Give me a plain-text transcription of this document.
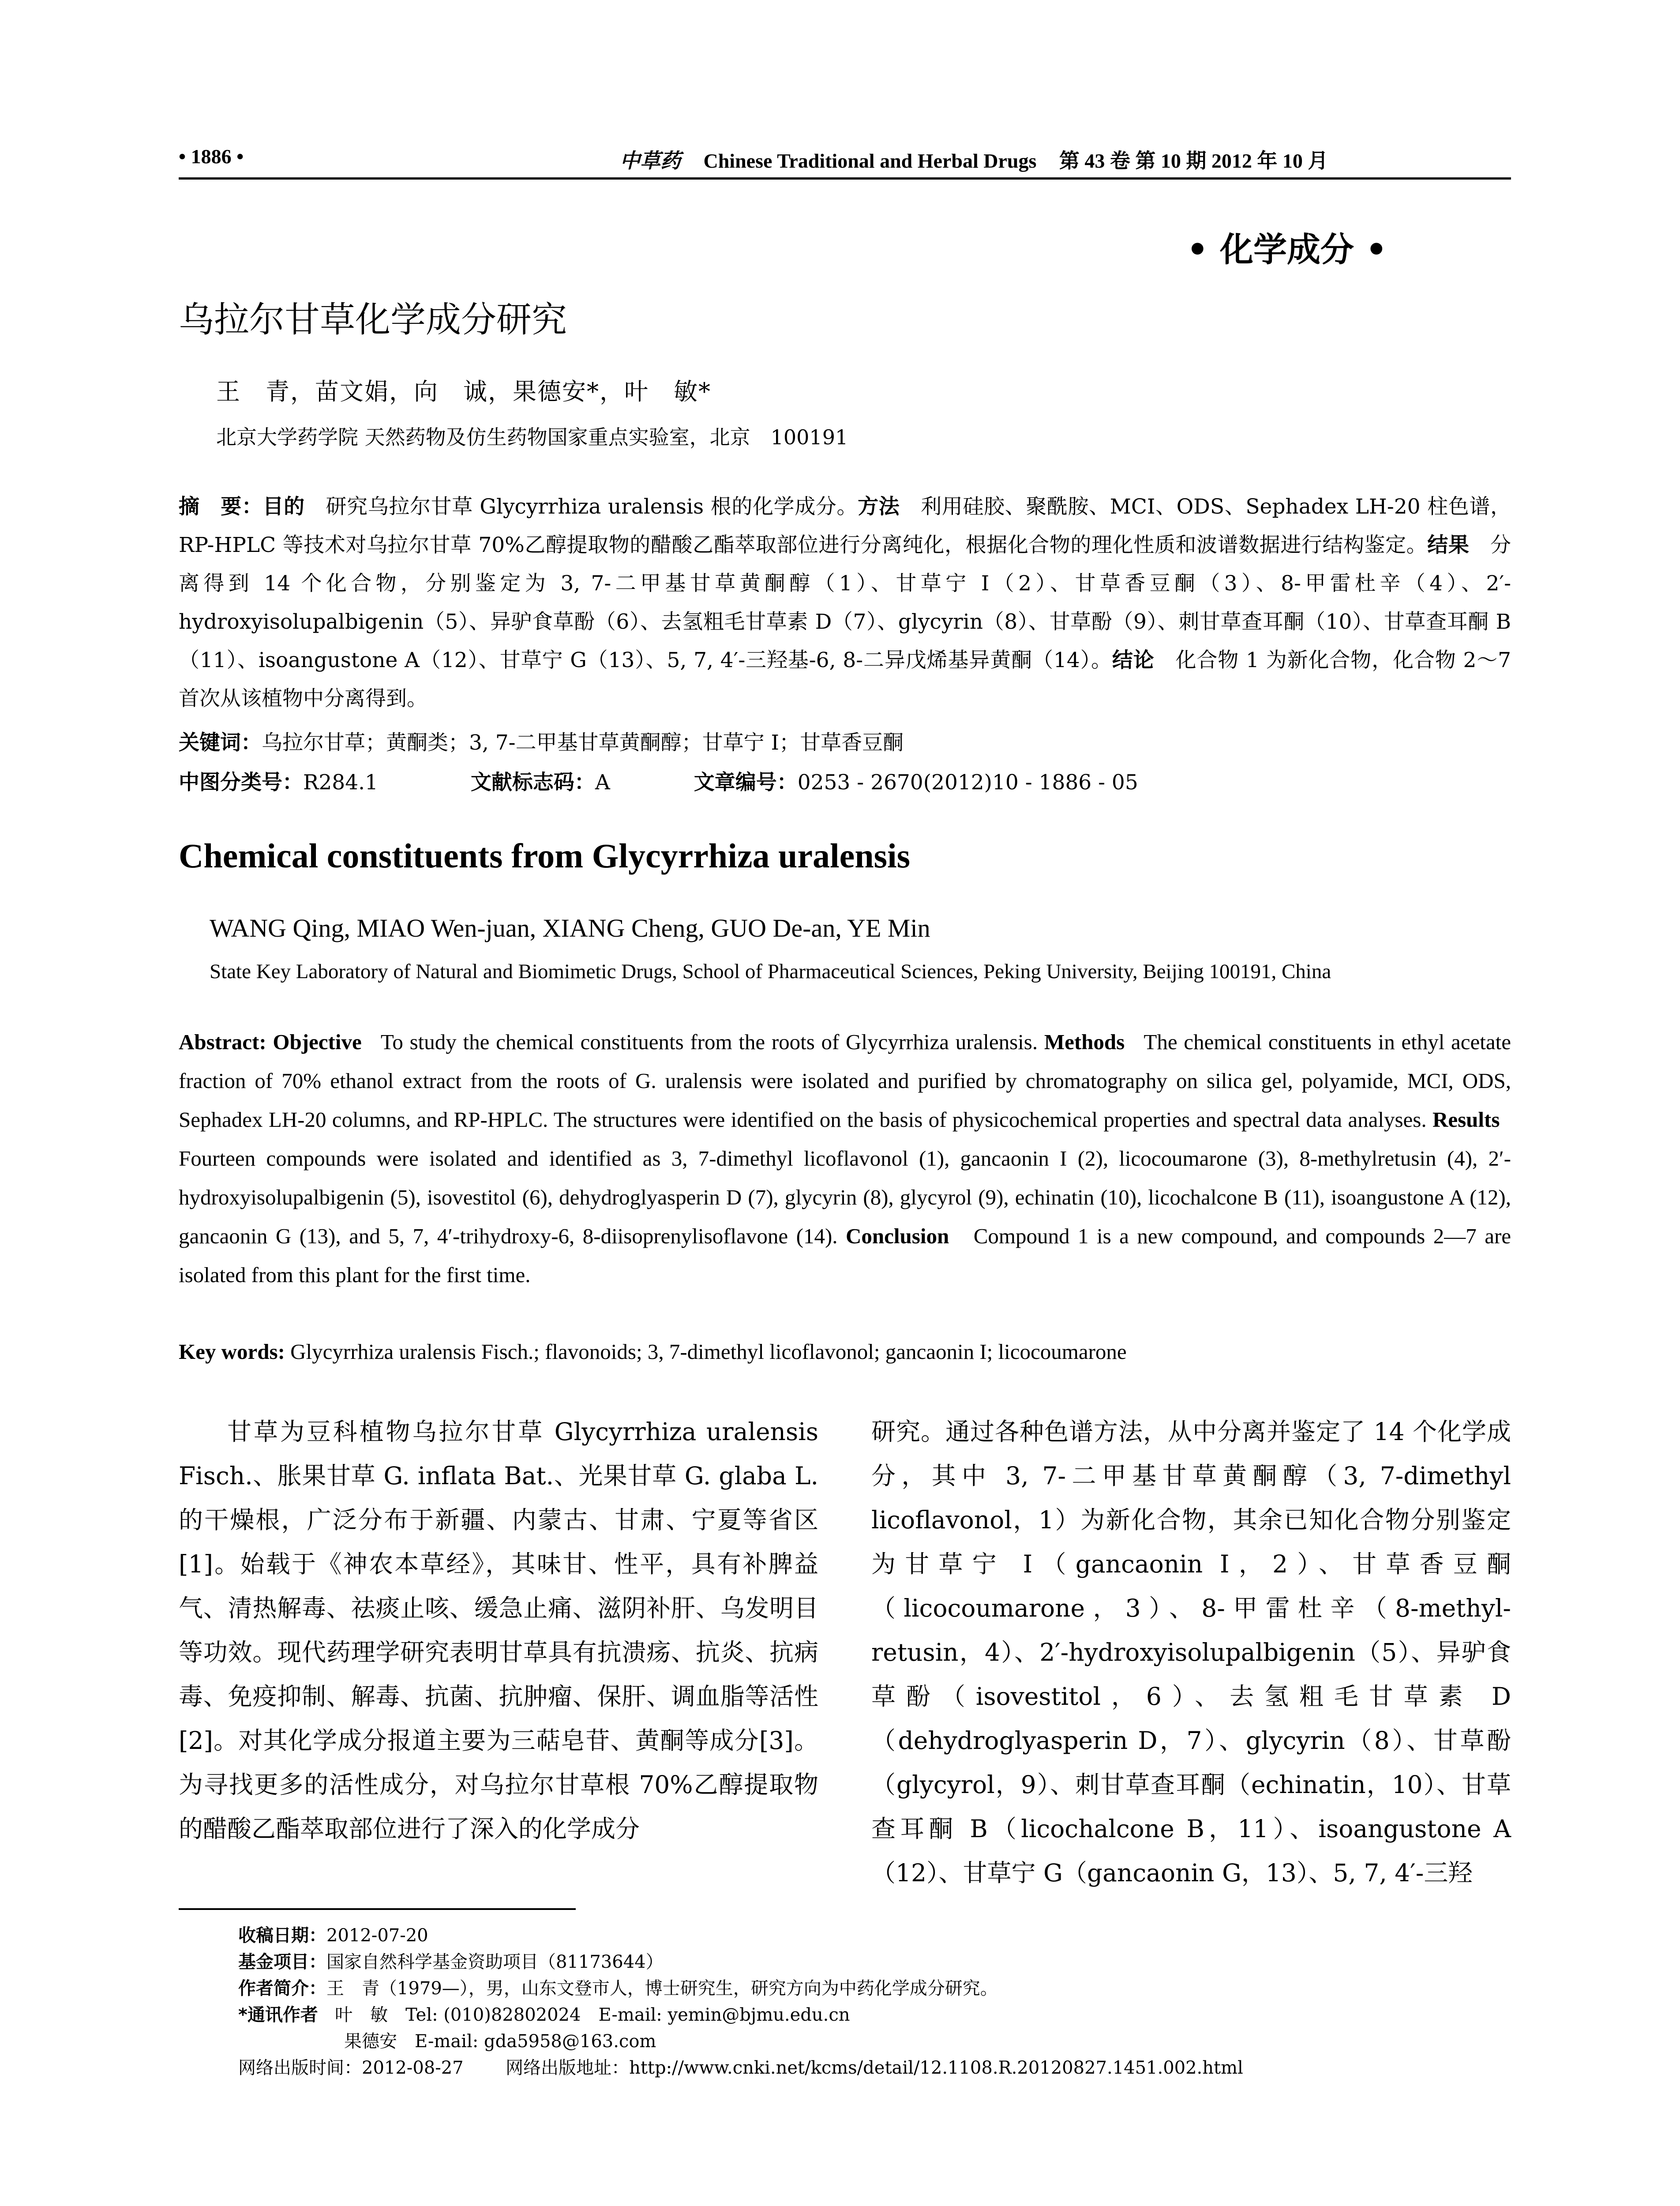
• 1886 •	中草药 Chinese Traditional and Herbal Drugs 第 43 卷 第 10 期 2012 年 10 月
• 化学成分 •
乌拉尔甘草化学成分研究
王　青，苗文娟，向　诚，果德安*，叶　敏*
北京大学药学院 天然药物及仿生药物国家重点实验室，北京　100191
摘　要：目的　 研究乌拉尔甘草 Glycyrrhiza uralensis 根的化学成分。方法　 利用硅胶、聚酰胺、MCI、ODS、Sephadex LH-20 柱色谱，RP-HPLC 等技术对乌拉尔甘草 70%乙醇提取物的醋酸乙酯萃取部位进行分离纯化，根据化合物的理化性质和波谱数据进行结构鉴定。结果　 分离得到 14 个化合物，分别鉴定为 3, 7-二甲基甘草黄酮醇（1）、甘草宁 I（2）、甘草香豆酮（3）、8-甲雷杜辛（4）、2′-hydroxyisolupalbigenin（5）、异驴食草酚（6）、去氢粗毛甘草素 D（7）、glycyrin（8）、甘草酚（9）、刺甘草查耳酮（10）、甘草查耳酮 B（11）、isoangustone A（12）、甘草宁 G（13）、5, 7, 4′-三羟基-6, 8-二异戊烯基异黄酮（14）。结论　 化合物 1 为新化合物，化合物 2～7 首次从该植物中分离得到。
关键词：乌拉尔甘草；黄酮类；3, 7-二甲基甘草黄酮醇；甘草宁 I；甘草香豆酮
中图分类号：R284.1	文献标志码：A	文章编号：0253 - 2670(2012)10 - 1886 - 05
Chemical constituents from Glycyrrhiza uralensis
WANG Qing, MIAO Wen-juan, XIANG Cheng, GUO De-an, YE Min
State Key Laboratory of Natural and Biomimetic Drugs, School of Pharmaceutical Sciences, Peking University, Beijing 100191, China
Abstract: Objective To study the chemical constituents from the roots of Glycyrrhiza uralensis. Methods The chemical constituents in ethyl acetate fraction of 70% ethanol extract from the roots of G. uralensis were isolated and purified by chromatography on silica gel, polyamide, MCI, ODS, Sephadex LH-20 columns, and RP-HPLC. The structures were identified on the basis of physicochemical properties and spectral data analyses. Results   Fourteen compounds were isolated and identified as 3, 7-dimethyl licoflavonol (1), gancaonin I (2), licocoumarone (3), 8-methylretusin (4), 2′-hydroxyisolupalbigenin (5), isovestitol (6), dehydroglyasperin D (7), glycyrin (8), glycyrol (9), echinatin (10), licochalcone B (11), isoangustone A (12), gancaonin G (13), and 5, 7, 4′-trihydroxy-6, 8-diisoprenylisoflavone (14). Conclusion Compound 1 is a new compound, and compounds 2—7 are isolated from this plant for the first time.
Key words: Glycyrrhiza uralensis Fisch.; flavonoids; 3, 7-dimethyl licoflavonol; gancaonin I; licocoumarone

甘草为豆科植物乌拉尔甘草 Glycyrrhiza uralensis Fisch.、胀果甘草 G. inflata Bat.、光果甘草 G. glaba L. 的干燥根，广泛分布于新疆、内蒙古、甘肃、宁夏等省区[1]。始载于《神农本草经》，其味甘、性平，具有补脾益气、清热解毒、祛痰止咳、缓急止痛、滋阴补肝、乌发明目等功效。现代药理学研究表明甘草具有抗溃疡、抗炎、抗病毒、免疫抑制、解毒、抗菌、抗肿瘤、保肝、调血脂等活性[2]。对其化学成分报道主要为三萜皂苷、黄酮等成分[3]。为寻找更多的活性成分，对乌拉尔甘草根 70%乙醇提取物的醋酸乙酯萃取部位进行了深入的化学成分

研究。通过各种色谱方法，从中分离并鉴定了 14 个化学成分，其中 3, 7-二甲基甘草黄酮醇（3, 7-dimethyl licoflavonol，1）为新化合物，其余已知化合物分别鉴定为甘草宁 I（gancaonin I，2）、甘草香豆酮（licocoumarone，3）、8-甲雷杜辛（8-methyl-retusin，4）、2′-hydroxyisolupalbigenin（5）、异驴食草酚（isovestitol，6）、去氢粗毛甘草素 D（dehydroglyasperin D，7）、glycyrin（8）、甘草酚（glycyrol，9）、刺甘草查耳酮（echinatin，10）、甘草查耳酮 B（licochalcone B，11）、isoangustone A（12）、甘草宁 G（gancaonin G，13）、5, 7, 4′-三羟

收稿日期：2012-07-20
基金项目：国家自然科学基金资助项目（81173644）
作者简介：王　青（1979—），男，山东文登市人，博士研究生，研究方向为中药化学成分研究。
*通讯作者 叶　敏　Tel: (010)82802024　E-mail: yemin@bjmu.edu.cn
果德安　E-mail: gda5958@163.com
网络出版时间：2012-08-27 网络出版地址：http://www.cnki.net/kcms/detail/12.1108.R.20120827.1451.002.html
